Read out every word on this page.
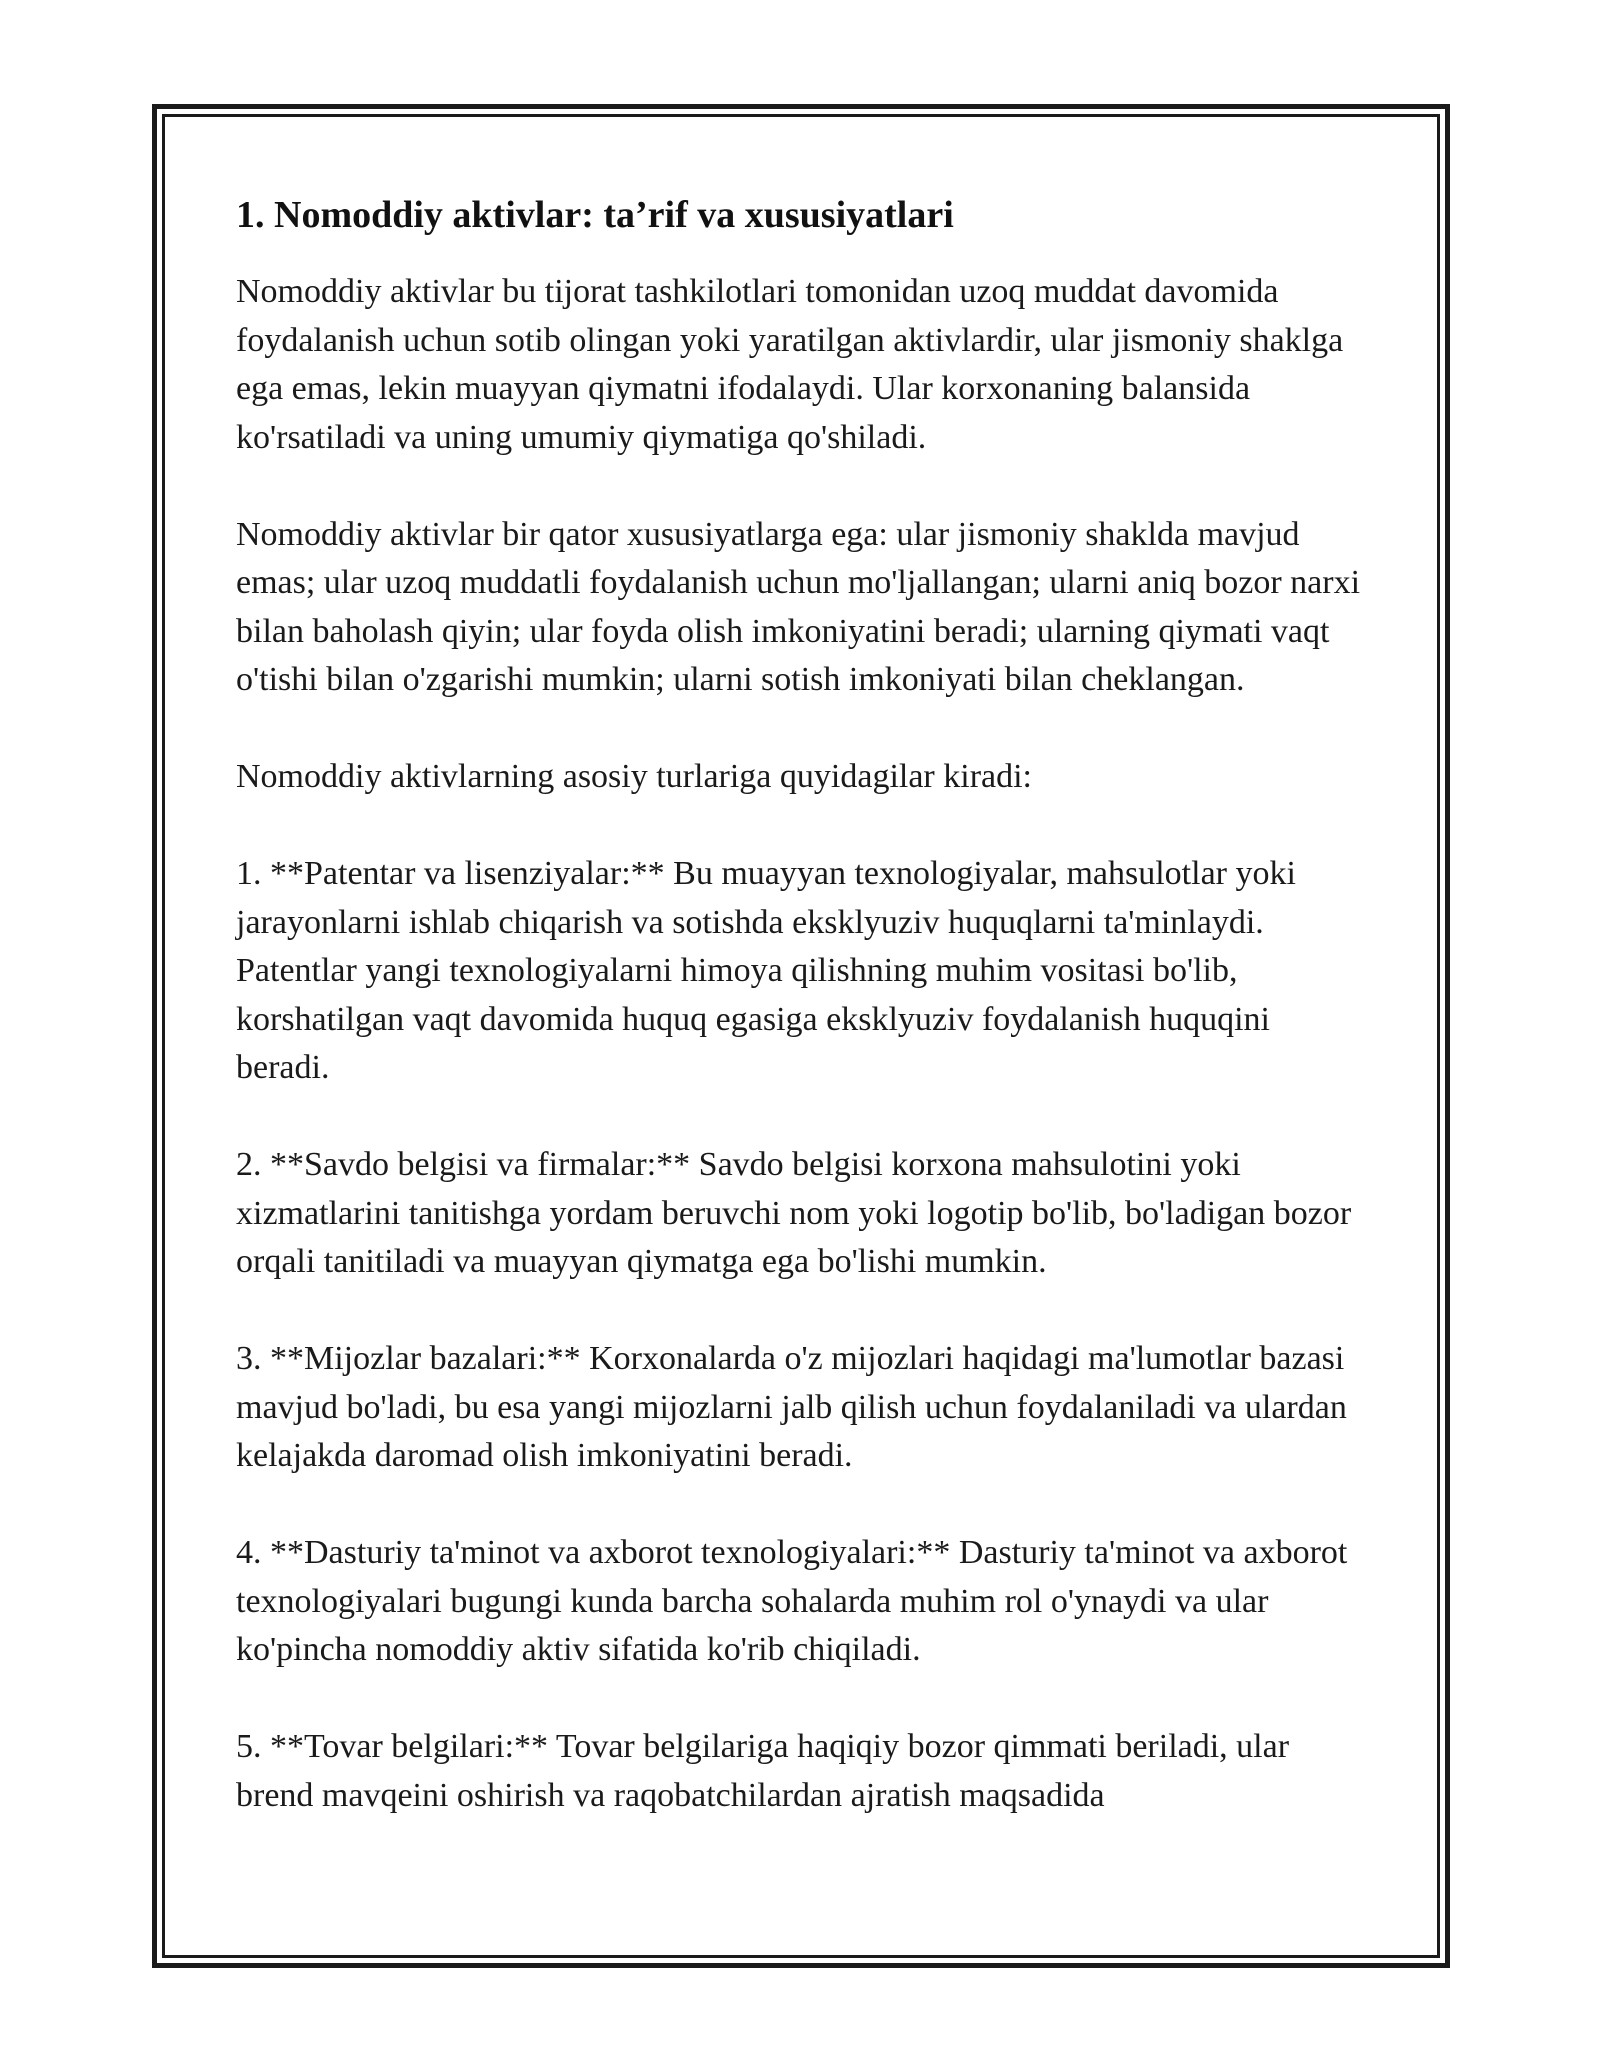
1. Nomoddiy aktivlar: ta’rif va xususiyatlari

Nomoddiy aktivlar bu tijorat tashkilotlari tomonidan uzoq muddat davomida foydalanish uchun sotib olingan yoki yaratilgan aktivlardir, ular jismoniy shaklga ega emas, lekin muayyan qiymatni ifodalaydi. Ular korxonaning balansida ko'rsatiladi va uning umumiy qiymatiga qo'shiladi.

Nomoddiy aktivlar bir qator xususiyatlarga ega: ular jismoniy shaklda mavjud emas; ular uzoq muddatli foydalanish uchun mo'ljallangan; ularni aniq bozor narxi bilan baholash qiyin; ular foyda olish imkoniyatini beradi; ularning qiymati vaqt o'tishi bilan o'zgarishi mumkin; ularni sotish imkoniyati bilan cheklangan.

Nomoddiy aktivlarning asosiy turlariga quyidagilar kiradi:

1. **Patentar va lisenziyalar:** Bu muayyan texnologiyalar, mahsulotlar yoki jarayonlarni ishlab chiqarish va sotishda eksklyuziv huquqlarni ta'minlaydi. Patentlar yangi texnologiyalarni himoya qilishning muhim vositasi bo'lib, korshatilgan vaqt davomida huquq egasiga eksklyuziv foydalanish huquqini beradi.

2. **Savdo belgisi va firmalar:** Savdo belgisi korxona mahsulotini yoki xizmatlarini tanitishga yordam beruvchi nom yoki logotip bo'lib, bo'ladigan bozor orqali tanitiladi va muayyan qiymatga ega bo'lishi mumkin.

3. **Mijozlar bazalari:** Korxonalarda o'z mijozlari haqidagi ma'lumotlar bazasi mavjud bo'ladi, bu esa yangi mijozlarni jalb qilish uchun foydalaniladi va ulardan kelajakda daromad olish imkoniyatini beradi.

4. **Dasturiy ta'minot va axborot texnologiyalari:** Dasturiy ta'minot va axborot texnologiyalari bugungi kunda barcha sohalarda muhim rol o'ynaydi va ular ko'pincha nomoddiy aktiv sifatida ko'rib chiqiladi.

5. **Tovar belgilari:** Tovar belgilariga haqiqiy bozor qimmati beriladi, ular brend mavqeini oshirish va raqobatchilardan ajratish maqsadida
